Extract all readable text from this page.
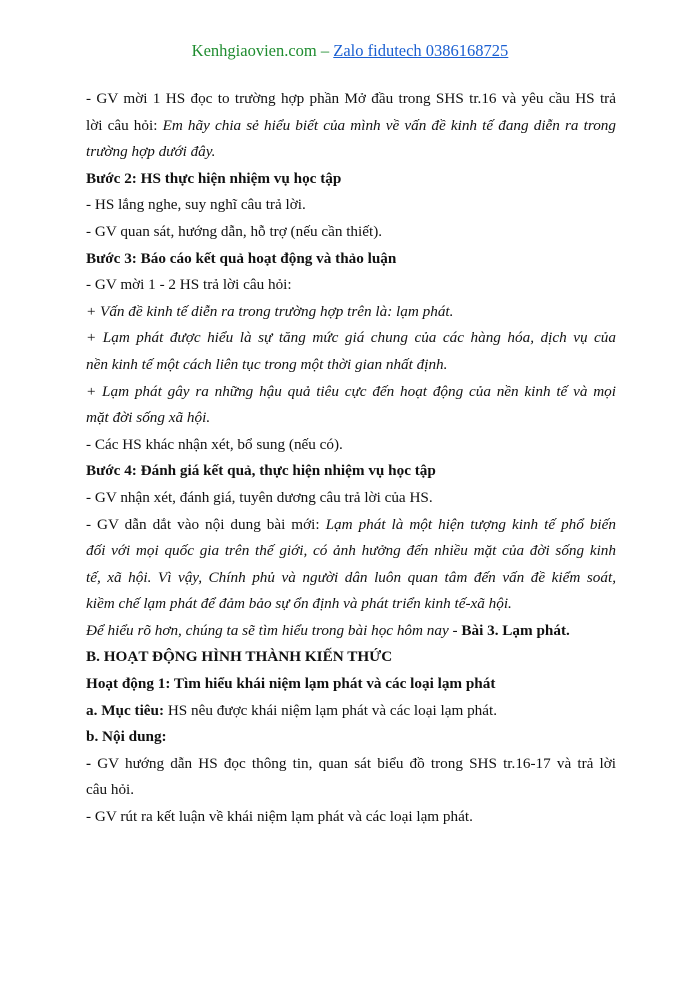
Kenhgiaovien.com – Zalo fidutech 0386168725
- GV mời 1 HS đọc to trường hợp phần Mở đầu trong SHS tr.16 và yêu cầu HS trả
lời câu hỏi: Em hãy chia sẻ hiểu biết của mình về vấn đề kinh tế đang diễn ra trong
trường hợp dưới đây.
Bước 2: HS thực hiện nhiệm vụ học tập
- HS lắng nghe, suy nghĩ câu trả lời.
- GV quan sát, hướng dẫn, hỗ trợ (nếu cần thiết).
Bước 3: Báo cáo kết quả hoạt động và thảo luận
- GV mời 1 - 2 HS trả lời câu hỏi:
+ Vấn đề kinh tế diễn ra trong trường hợp trên là: lạm phát.
+ Lạm phát được hiểu là sự tăng mức giá chung của các hàng hóa, dịch vụ của
nền kinh tế một cách liên tục trong một thời gian nhất định.
+ Lạm phát gây ra những hậu quả tiêu cực đến hoạt động của nền kinh tế và mọi
mặt đời sống xã hội.
- Các HS khác nhận xét, bổ sung (nếu có).
Bước 4: Đánh giá kết quả, thực hiện nhiệm vụ học tập
- GV nhận xét, đánh giá, tuyên dương câu trả lời của HS.
- GV dẫn dắt vào nội dung bài mới: Lạm phát là một hiện tượng kinh tế phổ biến
đối với mọi quốc gia trên thế giới, có ảnh hưởng đến nhiều mặt của đời sống kinh
tế, xã hội. Vì vậy, Chính phủ và người dân luôn quan tâm đến vấn đề kiểm soát,
kiềm chế lạm phát để đảm bảo sự ổn định và phát triển kinh tế-xã hội.
Để hiểu rõ hơn, chúng ta sẽ tìm hiểu trong bài học hôm nay - Bài 3. Lạm phát.
B. HOẠT ĐỘNG HÌNH THÀNH KIẾN THỨC
Hoạt động 1: Tìm hiểu khái niệm lạm phát và các loại lạm phát
a. Mục tiêu: HS nêu được khái niệm lạm phát và các loại lạm phát.
b. Nội dung:
- GV hướng dẫn HS đọc thông tin, quan sát biểu đồ trong SHS tr.16-17 và trả lời
câu hỏi.
- GV rút ra kết luận về khái niệm lạm phát và các loại lạm phát.
